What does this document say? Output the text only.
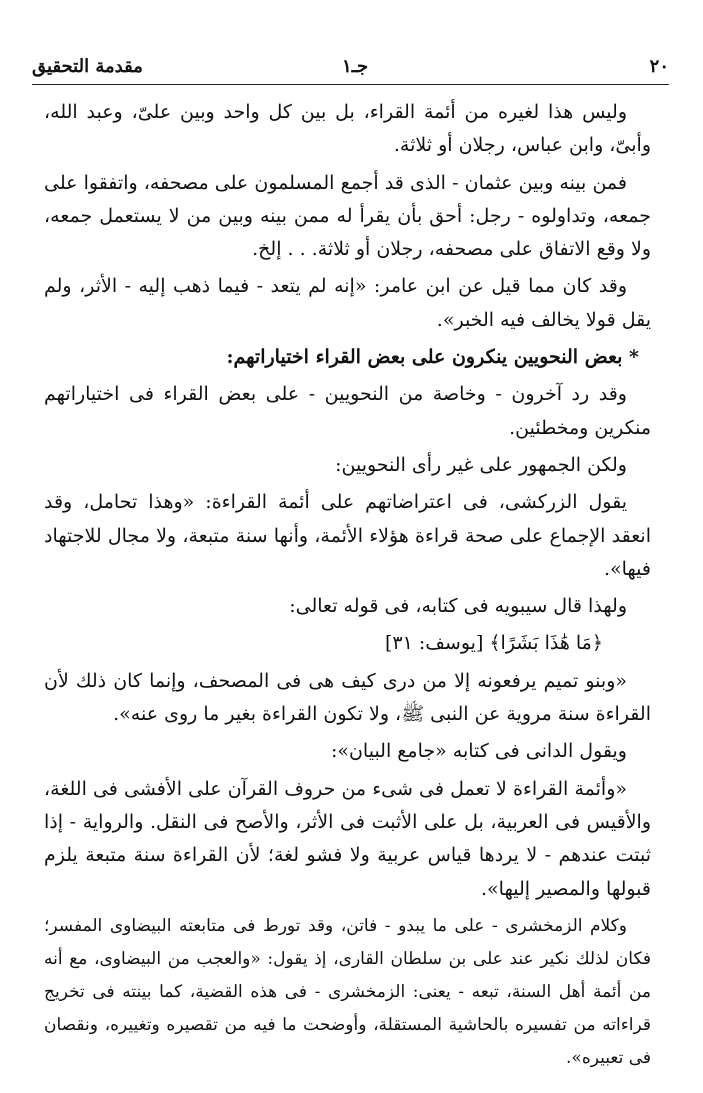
٢٠
جـ١
مقدمة التحقيق

وليس هذا لغيره من أئمة القراء، بل بين كل واحد وبين علىّ، وعبد الله، وأبىّ، وابن عباس، رجلان أو ثلاثة.

فمن بينه وبين عثمان - الذى قد أجمع المسلمون على مصحفه، واتفقوا على جمعه، وتداولوه - رجل: أحق بأن يقرأ له ممن بينه وبين من لا يستعمل جمعه، ولا وقع الاتفاق على مصحفه، رجلان أو ثلاثة. . . إلخ.

وقد كان مما قيل عن ابن عامر: «إنه لم يتعد - فيما ذهب إليه - الأثر، ولم يقل قولا يخالف فيه الخبر».

* بعض النحويين ينكرون على بعض القراء اختياراتهم:

وقد رد آخرون - وخاصة من النحويين - على بعض القراء فى اختياراتهم منكرين ومخطئين.

ولكن الجمهور على غير رأى النحويين:

يقول الزركشى، فى اعتراضاتهم على أئمة القراءة: «وهذا تحامل، وقد انعقد الإجماع على صحة قراءة هؤلاء الأئمة، وأنها سنة متبعة، ولا مجال للاجتهاد فيها».

ولهذا قال سيبويه فى كتابه، فى قوله تعالى:

﴿مَا هَٰذَا بَشَرًا﴾ [يوسف: ٣١]

«وبنو تميم يرفعونه إلا من درى كيف هى فى المصحف، وإنما كان ذلك لأن القراءة سنة مروية عن النبى ﷺ، ولا تكون القراءة بغير ما روى عنه».

ويقول الدانى فى كتابه «جامع البيان»:

«وأئمة القراءة لا تعمل فى شىء من حروف القرآن على الأفشى فى اللغة، والأقيس فى العربية، بل على الأثبت فى الأثر، والأصح فى النقل. والرواية - إذا ثبتت عندهم - لا يردها قياس عربية ولا فشو لغة؛ لأن القراءة سنة متبعة يلزم قبولها والمصير إليها».

وكلام الزمخشرى - على ما يبدو - فاتن، وقد تورط فى متابعته البيضاوى المفسر؛ فكان لذلك نكير عند على بن سلطان القارى، إذ يقول: «والعجب من البيضاوى، مع أنه من أئمة أهل السنة، تبعه - يعنى: الزمخشرى - فى هذه القضية، كما بينته فى تخريج قراءاته من تفسيره بالحاشية المستقلة، وأوضحت ما فيه من تقصيره وتغييره، ونقصان فى تعبيره».
